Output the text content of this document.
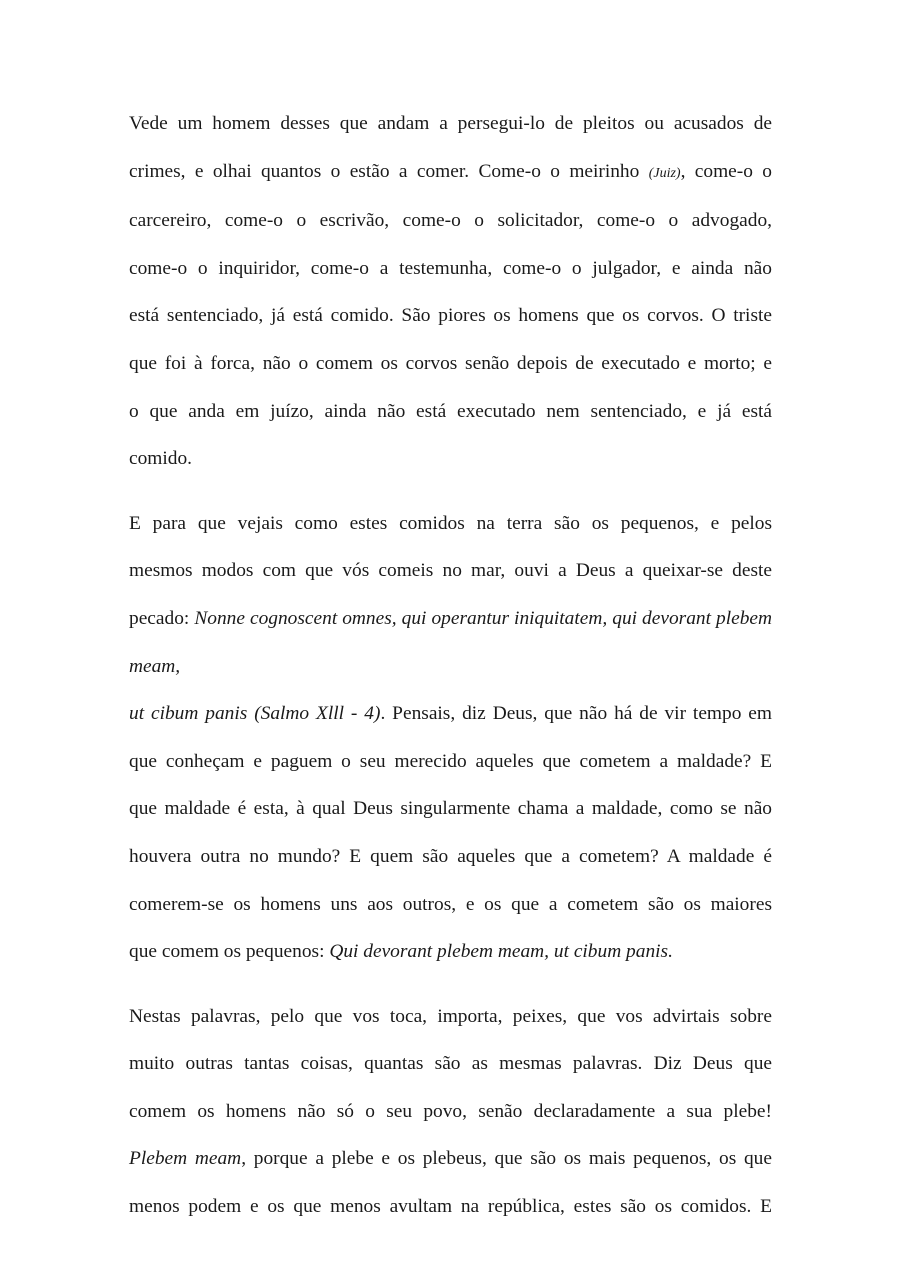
Vede um homem desses que andam a persegui-lo de pleitos ou acusados de
crimes, e olhai quantos o estão a comer. Come-o o meirinho (Juiz), come-o o
carcereiro, come-o o escrivão, come-o o solicitador, come-o o advogado,
come-o o inquiridor, come-o a testemunha, come-o o julgador, e ainda não
está sentenciado, já está comido. São piores os homens que os corvos. O triste
que foi à forca, não o comem os corvos senão depois de executado e morto; e
o que anda em juízo, ainda não está executado nem sentenciado, e já está
comido.
E para que vejais como estes comidos na terra são os pequenos, e pelos
mesmos modos com que vós comeis no mar, ouvi a Deus a queixar-se deste
pecado: Nonne cognoscent omnes, qui operantur iniquitatem, qui devorant plebem meam,
ut cibum panis (Salmo Xlll - 4). Pensais, diz Deus, que não há de vir tempo em
que conheçam e paguem o seu merecido aqueles que cometem a maldade? E
que maldade é esta, à qual Deus singularmente chama a maldade, como se não
houvera outra no mundo? E quem são aqueles que a cometem? A maldade é
comerem-se os homens uns aos outros, e os que a cometem são os maiores
que comem os pequenos: Qui devorant plebem meam, ut cibum panis.
Nestas palavras, pelo que vos toca, importa, peixes, que vos advirtais sobre
muito outras tantas coisas, quantas são as mesmas palavras. Diz Deus que
comem os homens não só o seu povo, senão declaradamente a sua plebe!
Plebem meam, porque a plebe e os plebeus, que são os mais pequenos, os que
menos podem e os que menos avultam na república, estes são os comidos. E
